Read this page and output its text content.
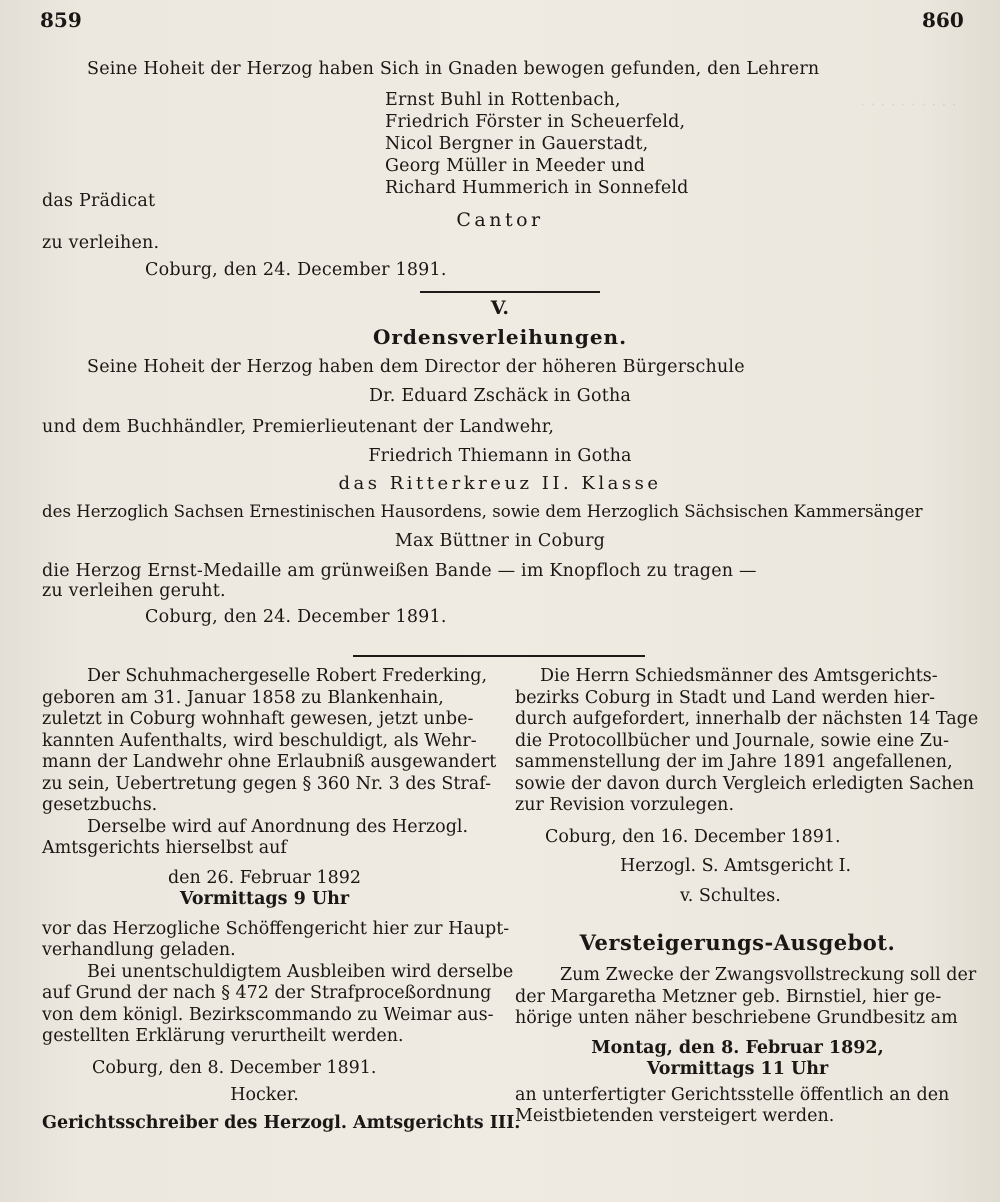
· · · · · · · · · ·
859	860
Seine Hoheit der Herzog haben Sich in Gnaden bewogen gefunden, den Lehrern
Ernst Buhl in Rottenbach,
Friedrich Förster in Scheuerfeld,
Nicol Bergner in Gauerstadt,
Georg Müller in Meeder und
Richard Hummerich in Sonnefeld
das Prädicat
Cantor
zu verleihen.
Coburg, den 24. December 1891.
V.
Ordensverleihungen.
Seine Hoheit der Herzog haben dem Director der höheren Bürgerschule
Dr. Eduard Zschäck in Gotha
und dem Buchhändler, Premierlieutenant der Landwehr,
Friedrich Thiemann in Gotha
das Ritterkreuz II. Klasse
des Herzoglich Sachsen Ernestinischen Hausordens, sowie dem Herzoglich Sächsischen Kammersänger
Max Büttner in Coburg
die Herzog Ernst-Medaille am grünweißen Bande — im Knopfloch zu tragen —
zu verleihen geruht.
Coburg, den 24. December 1891.
Der Schuhmachergeselle Robert Frederking,
geboren am 31. Januar 1858 zu Blankenhain,
zuletzt in Coburg wohnhaft gewesen, jetzt unbe-
kannten Aufenthalts, wird beschuldigt, als Wehr-
mann der Landwehr ohne Erlaubniß ausgewandert
zu sein, Uebertretung gegen § 360 Nr. 3 des Straf-
gesetzbuchs.
Derselbe wird auf Anordnung des Herzogl.
Amtsgerichts hierselbst auf
den 26. Februar 1892
Vormittags 9 Uhr
vor das Herzogliche Schöffengericht hier zur Haupt-
verhandlung geladen.
Bei unentschuldigtem Ausbleiben wird derselbe
auf Grund der nach § 472 der Strafproceßordnung
von dem königl. Bezirkscommando zu Weimar aus-
gestellten Erklärung verurtheilt werden.
Coburg, den 8. December 1891.
Hocker.
Gerichtsschreiber des Herzogl. Amtsgerichts III.
Die Herrn Schiedsmänner des Amtsgerichts-
bezirks Coburg in Stadt und Land werden hier-
durch aufgefordert, innerhalb der nächsten 14 Tage
die Protocollbücher und Journale, sowie eine Zu-
sammenstellung der im Jahre 1891 angefallenen,
sowie der davon durch Vergleich erledigten Sachen
zur Revision vorzulegen.
Coburg, den 16. December 1891.
Herzogl. S. Amtsgericht I.
v. Schultes.
Versteigerungs-Ausgebot.
Zum Zwecke der Zwangsvollstreckung soll der
der Margaretha Metzner geb. Birnstiel, hier ge-
hörige unten näher beschriebene Grundbesitz am
Montag, den 8. Februar 1892,
Vormittags 11 Uhr
an unterfertigter Gerichtsstelle öffentlich an den
Meistbietenden versteigert werden.
